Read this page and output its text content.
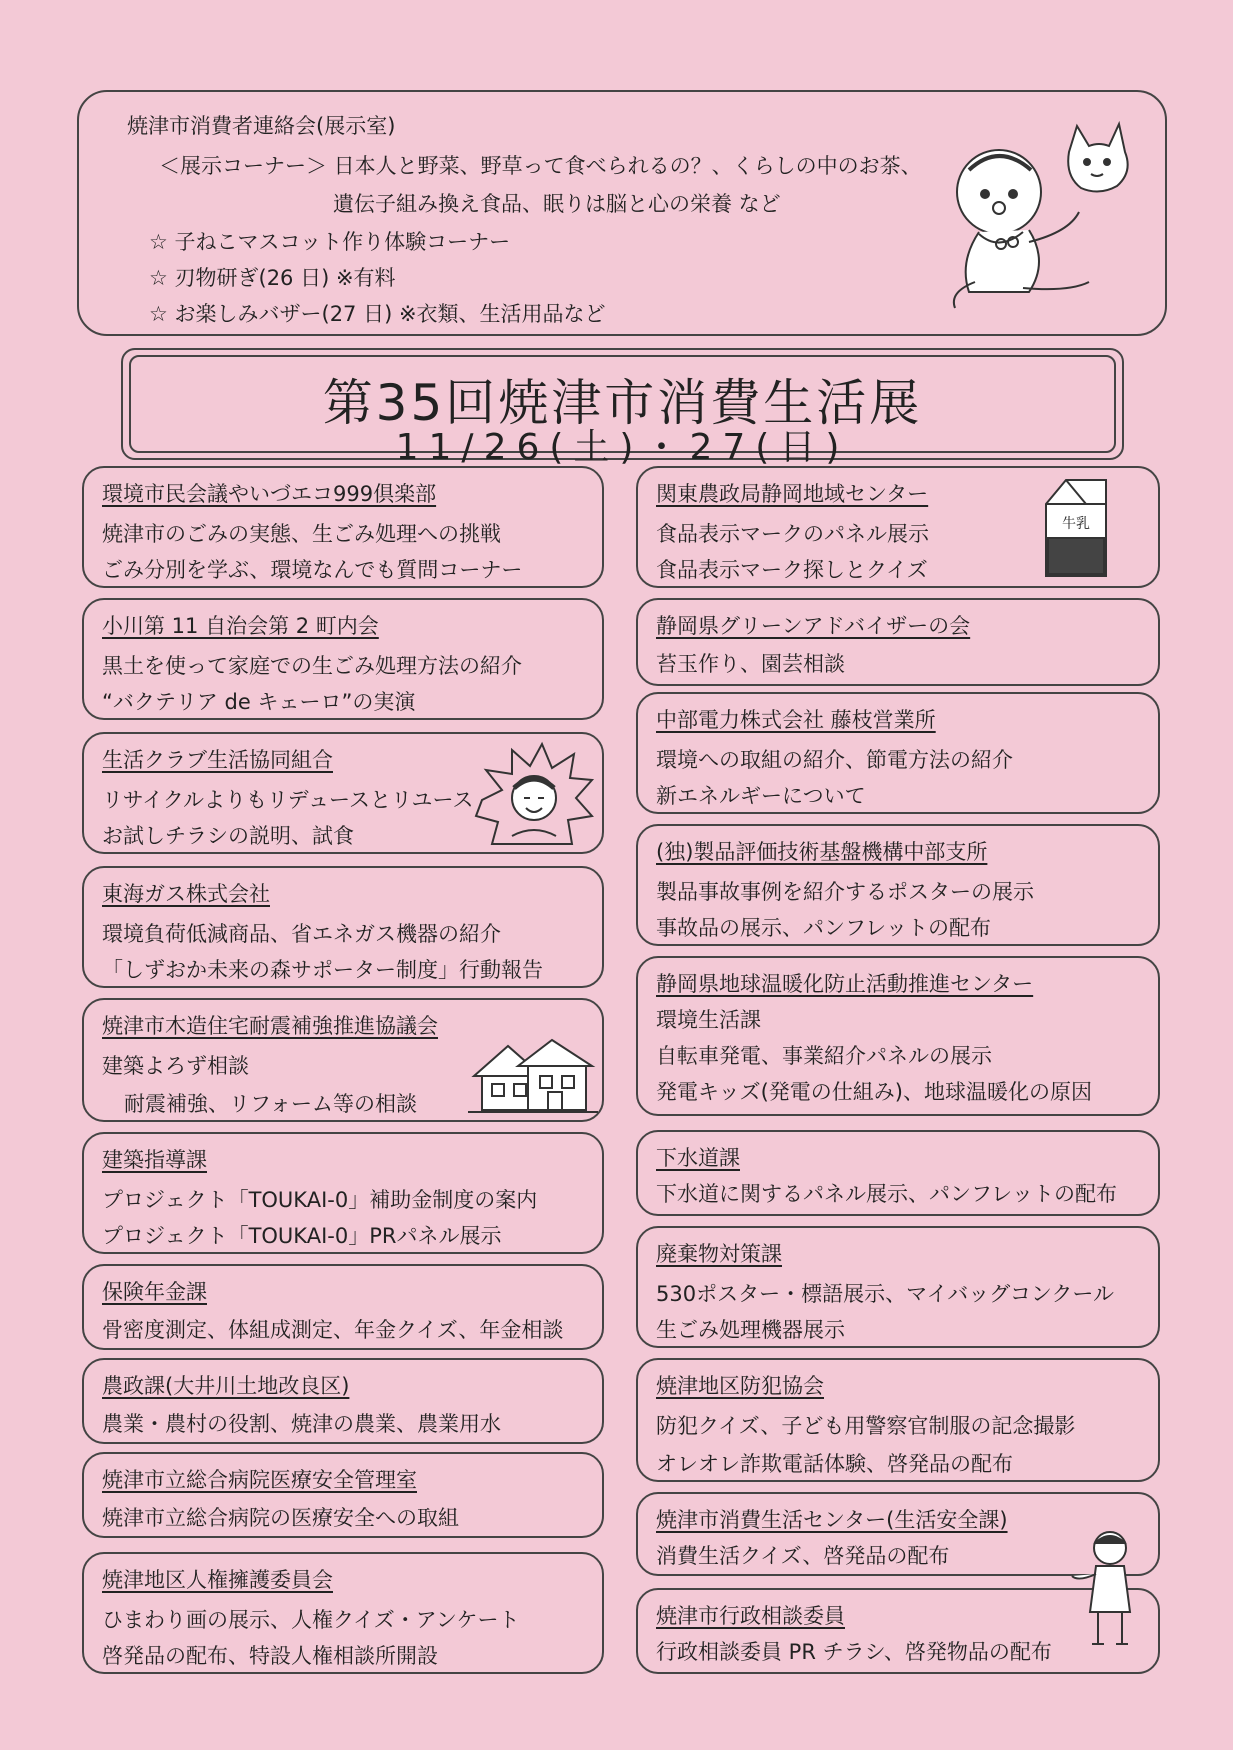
焼津市消費者連絡会(展示室)
＜展示コーナー＞ 日本人と野菜、野草って食べられるの？、くらしの中のお茶、
遺伝子組み換え食品、眠りは脳と心の栄養 など
☆ 子ねこマスコット作り体験コーナー
☆ 刃物研ぎ(26 日) ※有料
☆ お楽しみバザー(27 日) ※衣類、生活用品など
第35回焼津市消費生活展
11/26(土)・27(日)
環境市民会議やいづエコ999倶楽部
焼津市のごみの実態、生ごみ処理への挑戦
ごみ分別を学ぶ、環境なんでも質問コーナー
小川第 11 自治会第 2 町内会
黒土を使って家庭での生ごみ処理方法の紹介
“バクテリア de キェーロ”の実演
生活クラブ生活協同組合
リサイクルよりもリデュースとリユース
お試しチラシの説明、試食
東海ガス株式会社
環境負荷低減商品、省エネガス機器の紹介
「しずおか未来の森サポーター制度」行動報告
焼津市木造住宅耐震補強推進協議会
建築よろず相談
耐震補強、リフォーム等の相談
建築指導課
プロジェクト「TOUKAI-0」補助金制度の案内
プロジェクト「TOUKAI-0」PRパネル展示
保険年金課
骨密度測定、体組成測定、年金クイズ、年金相談
農政課(大井川土地改良区)
農業・農村の役割、焼津の農業、農業用水
焼津市立総合病院医療安全管理室
焼津市立総合病院の医療安全への取組
焼津地区人権擁護委員会
ひまわり画の展示、人権クイズ・アンケート
啓発品の配布、特設人権相談所開設
関東農政局静岡地域センター
食品表示マークのパネル展示
食品表示マーク探しとクイズ
牛乳
静岡県グリーンアドバイザーの会
苔玉作り、園芸相談
中部電力株式会社 藤枝営業所
環境への取組の紹介、節電方法の紹介
新エネルギーについて
(独)製品評価技術基盤機構中部支所
製品事故事例を紹介するポスターの展示
事故品の展示、パンフレットの配布
静岡県地球温暖化防止活動推進センター
環境生活課
自転車発電、事業紹介パネルの展示
発電キッズ(発電の仕組み)、地球温暖化の原因
下水道課
下水道に関するパネル展示、パンフレットの配布
廃棄物対策課
530ポスター・標語展示、マイバッグコンクール
生ごみ処理機器展示
焼津地区防犯協会
防犯クイズ、子ども用警察官制服の記念撮影
オレオレ詐欺電話体験、啓発品の配布
焼津市消費生活センター(生活安全課)
消費生活クイズ、啓発品の配布
焼津市行政相談委員
行政相談委員 PR チラシ、啓発物品の配布
